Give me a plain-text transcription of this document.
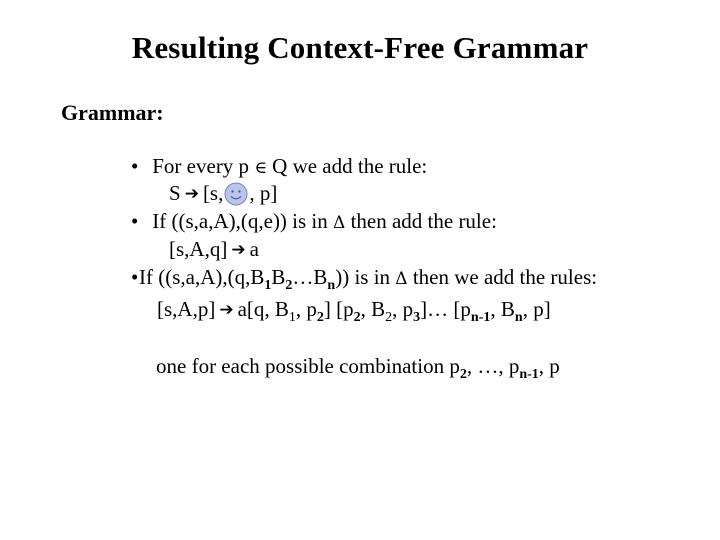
Resulting Context-Free Grammar
Grammar:
• For every p ∈ Q we add the rule:
S ➔ [s, , p]
• If ((s,a,A),(q,e)) is in Δ then add the rule:
[s,A,q] ➔ a
•If $((s,a,A),(q,B_1B_2\dots B_n))$ is in Δ then we add the rules:
[s,A,p] ➔ a[q, $B_1$, $p_2$] [$p_2$, $B_2$, $p_3]\dots$ [$p_{n-1}$, $B_n$, p]
one for each possible combination $p_2$, …, $p_{n-1}$, p
